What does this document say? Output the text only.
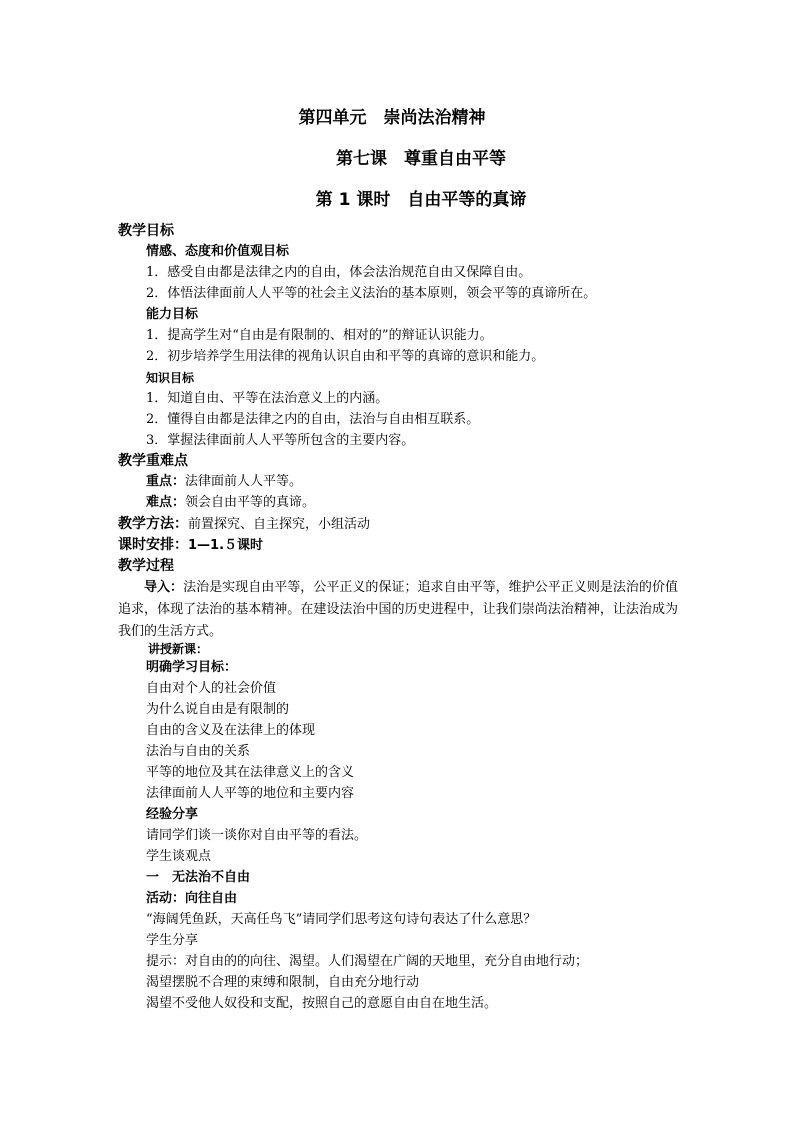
第四单元　崇尚法治精神
第七课　尊重自由平等
第 1 课时　自由平等的真谛
教学目标
情感、态度和价值观目标
1．感受自由都是法律之内的自由，体会法治规范自由又保障自由。
2．体悟法律面前人人平等的社会主义法治的基本原则，领会平等的真谛所在。
能力目标
1．提高学生对“自由是有限制的、相对的”的辩证认识能力。
2．初步培养学生用法律的视角认识自由和平等的真谛的意识和能力。
知识目标
1．知道自由、平等在法治意义上的内涵。
2．懂得自由都是法律之内的自由，法治与自由相互联系。
3．掌握法律面前人人平等所包含的主要内容。
教学重难点
重点：法律面前人人平等。
难点：领会自由平等的真谛。
教学方法：前置探究、自主探究，小组活动
课时安排：1—1.５课时
教学过程
导入：法治是实现自由平等，公平正义的保证；追求自由平等，维护公平正义则是法治的价值追求，体现了法治的基本精神。在建设法治中国的历史进程中，让我们崇尚法治精神，让法治成为我们的生活方式。
讲授新课：
明确学习目标：
自由对个人的社会价值
为什么说自由是有限制的
自由的含义及在法律上的体现
法治与自由的关系
平等的地位及其在法律意义上的含义
法律面前人人平等的地位和主要内容
经验分享
请同学们谈一谈你对自由平等的看法。
学生谈观点
一　无法治不自由
活动：向往自由
“海阔凭鱼跃，天高任鸟飞”请同学们思考这句诗句表达了什么意思？
学生分享
提示：对自由的的向往、渴望。人们渴望在广阔的天地里，充分自由地行动；
渴望摆脱不合理的束缚和限制，自由充分地行动
渴望不受他人奴役和支配，按照自己的意愿自由自在地生活。
